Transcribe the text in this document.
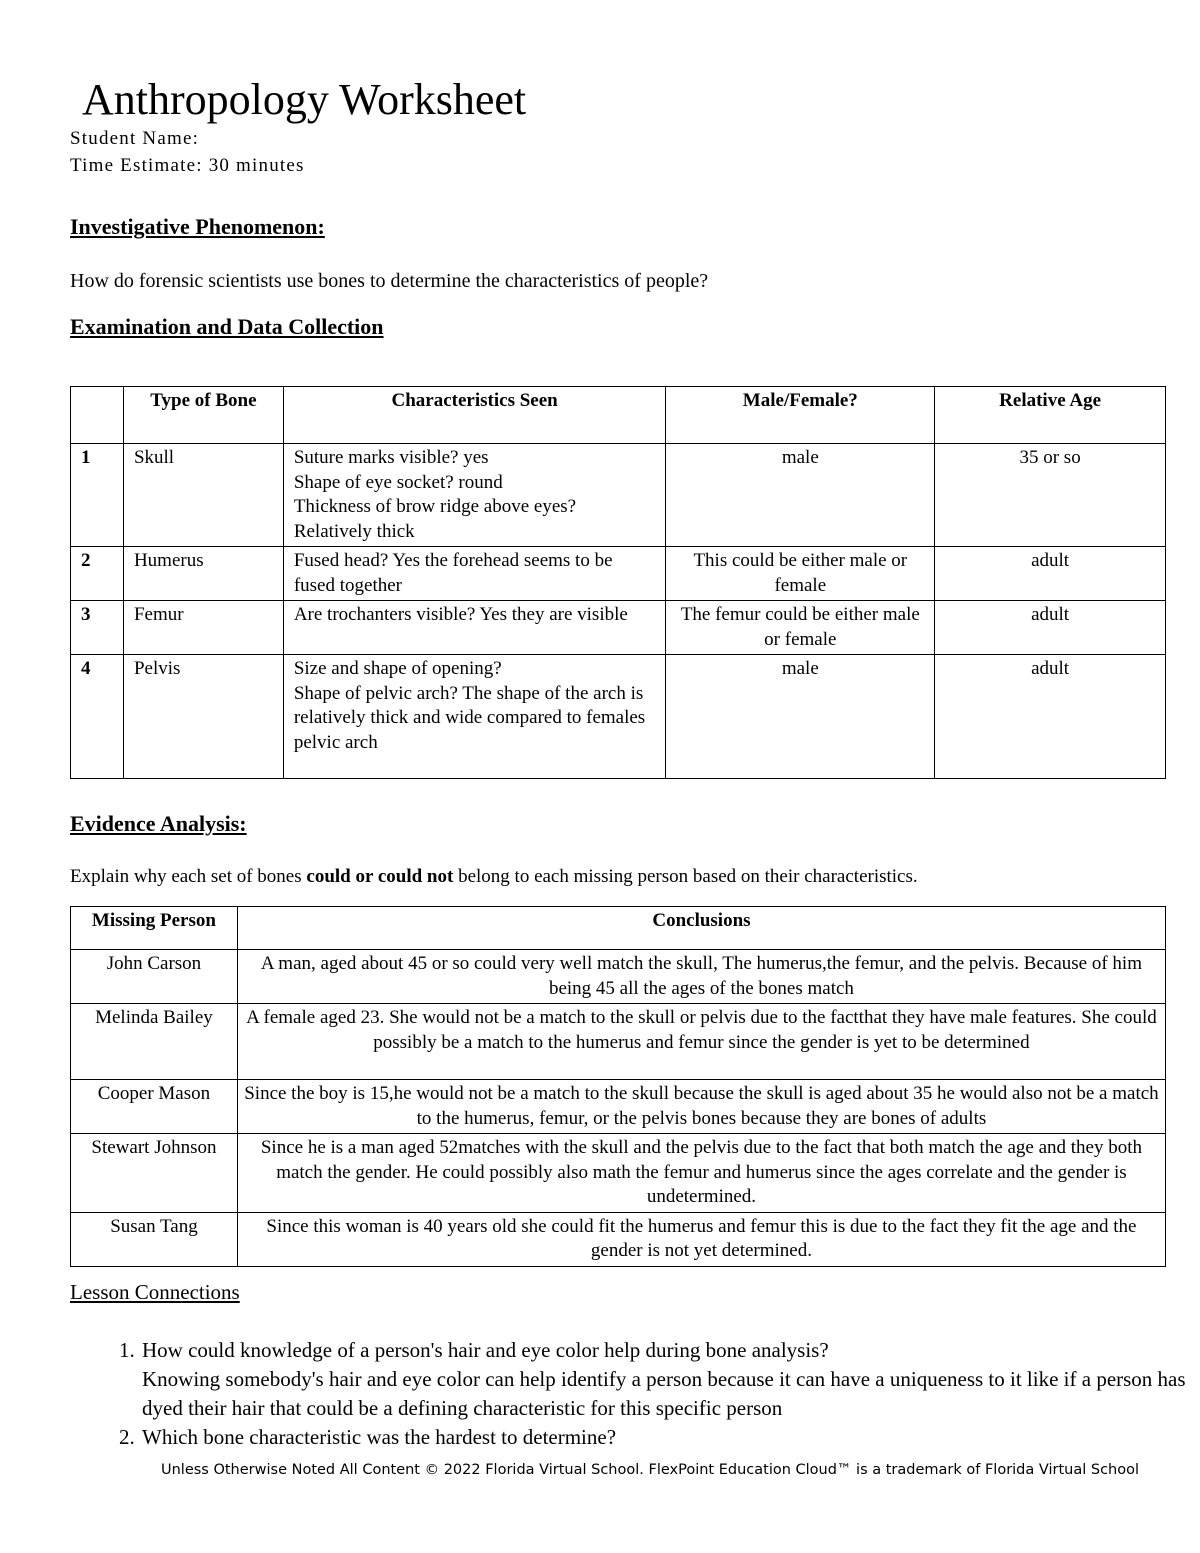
Anthropology Worksheet
Student Name:
Time Estimate: 30 minutes
Investigative Phenomenon:
How do forensic scientists use bones to determine the characteristics of people?
Examination and Data Collection
	Type of Bone	Characteristics Seen	Male/Female?	Relative Age
1	Skull	Suture marks visible? yes
Shape of eye socket? round
Thickness of brow ridge above eyes? Relatively thick	male	35 or so
2	Humerus	Fused head? Yes the forehead seems to be fused together	This could be either male or female	adult
3	Femur	Are trochanters visible? Yes they are visible	The femur could be either male or female	adult
4	Pelvis	Size and shape of opening?
Shape of pelvic arch? The shape of the arch is relatively thick and wide compared to females pelvic arch	male	adult
Evidence Analysis:
Explain why each set of bones could or could not belong to each missing person based on their characteristics.
Missing Person	Conclusions
John Carson	A man, aged about 45 or so could very well match the skull, The humerus,the femur, and the pelvis. Because of him being 45 all the ages of the bones match
Melinda Bailey	A female aged 23. She would not be a match to the skull or pelvis due to the factthat they have male features. She could possibly be a match to the humerus and femur since the gender is yet to be determined
Cooper Mason	Since the boy is 15,he would not be a match to the skull because the skull is aged about 35 he would also not be a match to the humerus, femur, or the pelvis bones because they are bones of adults
Stewart Johnson	Since he is a man aged 52matches with the skull and the pelvis due to the fact that both match the age and they both match the gender. He could possibly also math the femur and humerus since the ages correlate and the gender is undetermined.
Susan Tang	Since this woman is 40 years old she could fit the humerus and femur this is due to the fact they fit the age and the gender is not yet determined.
Lesson Connections
1. How could knowledge of a person's hair and eye color help during bone analysis?
Knowing somebody's hair and eye color can help identify a person because it can have a uniqueness to it like if a person has dyed their hair that could be a defining characteristic for this specific person
2. Which bone characteristic was the hardest to determine?
Unless Otherwise Noted All Content © 2022 Florida Virtual School. FlexPoint Education Cloud™ is a trademark of Florida Virtual School
